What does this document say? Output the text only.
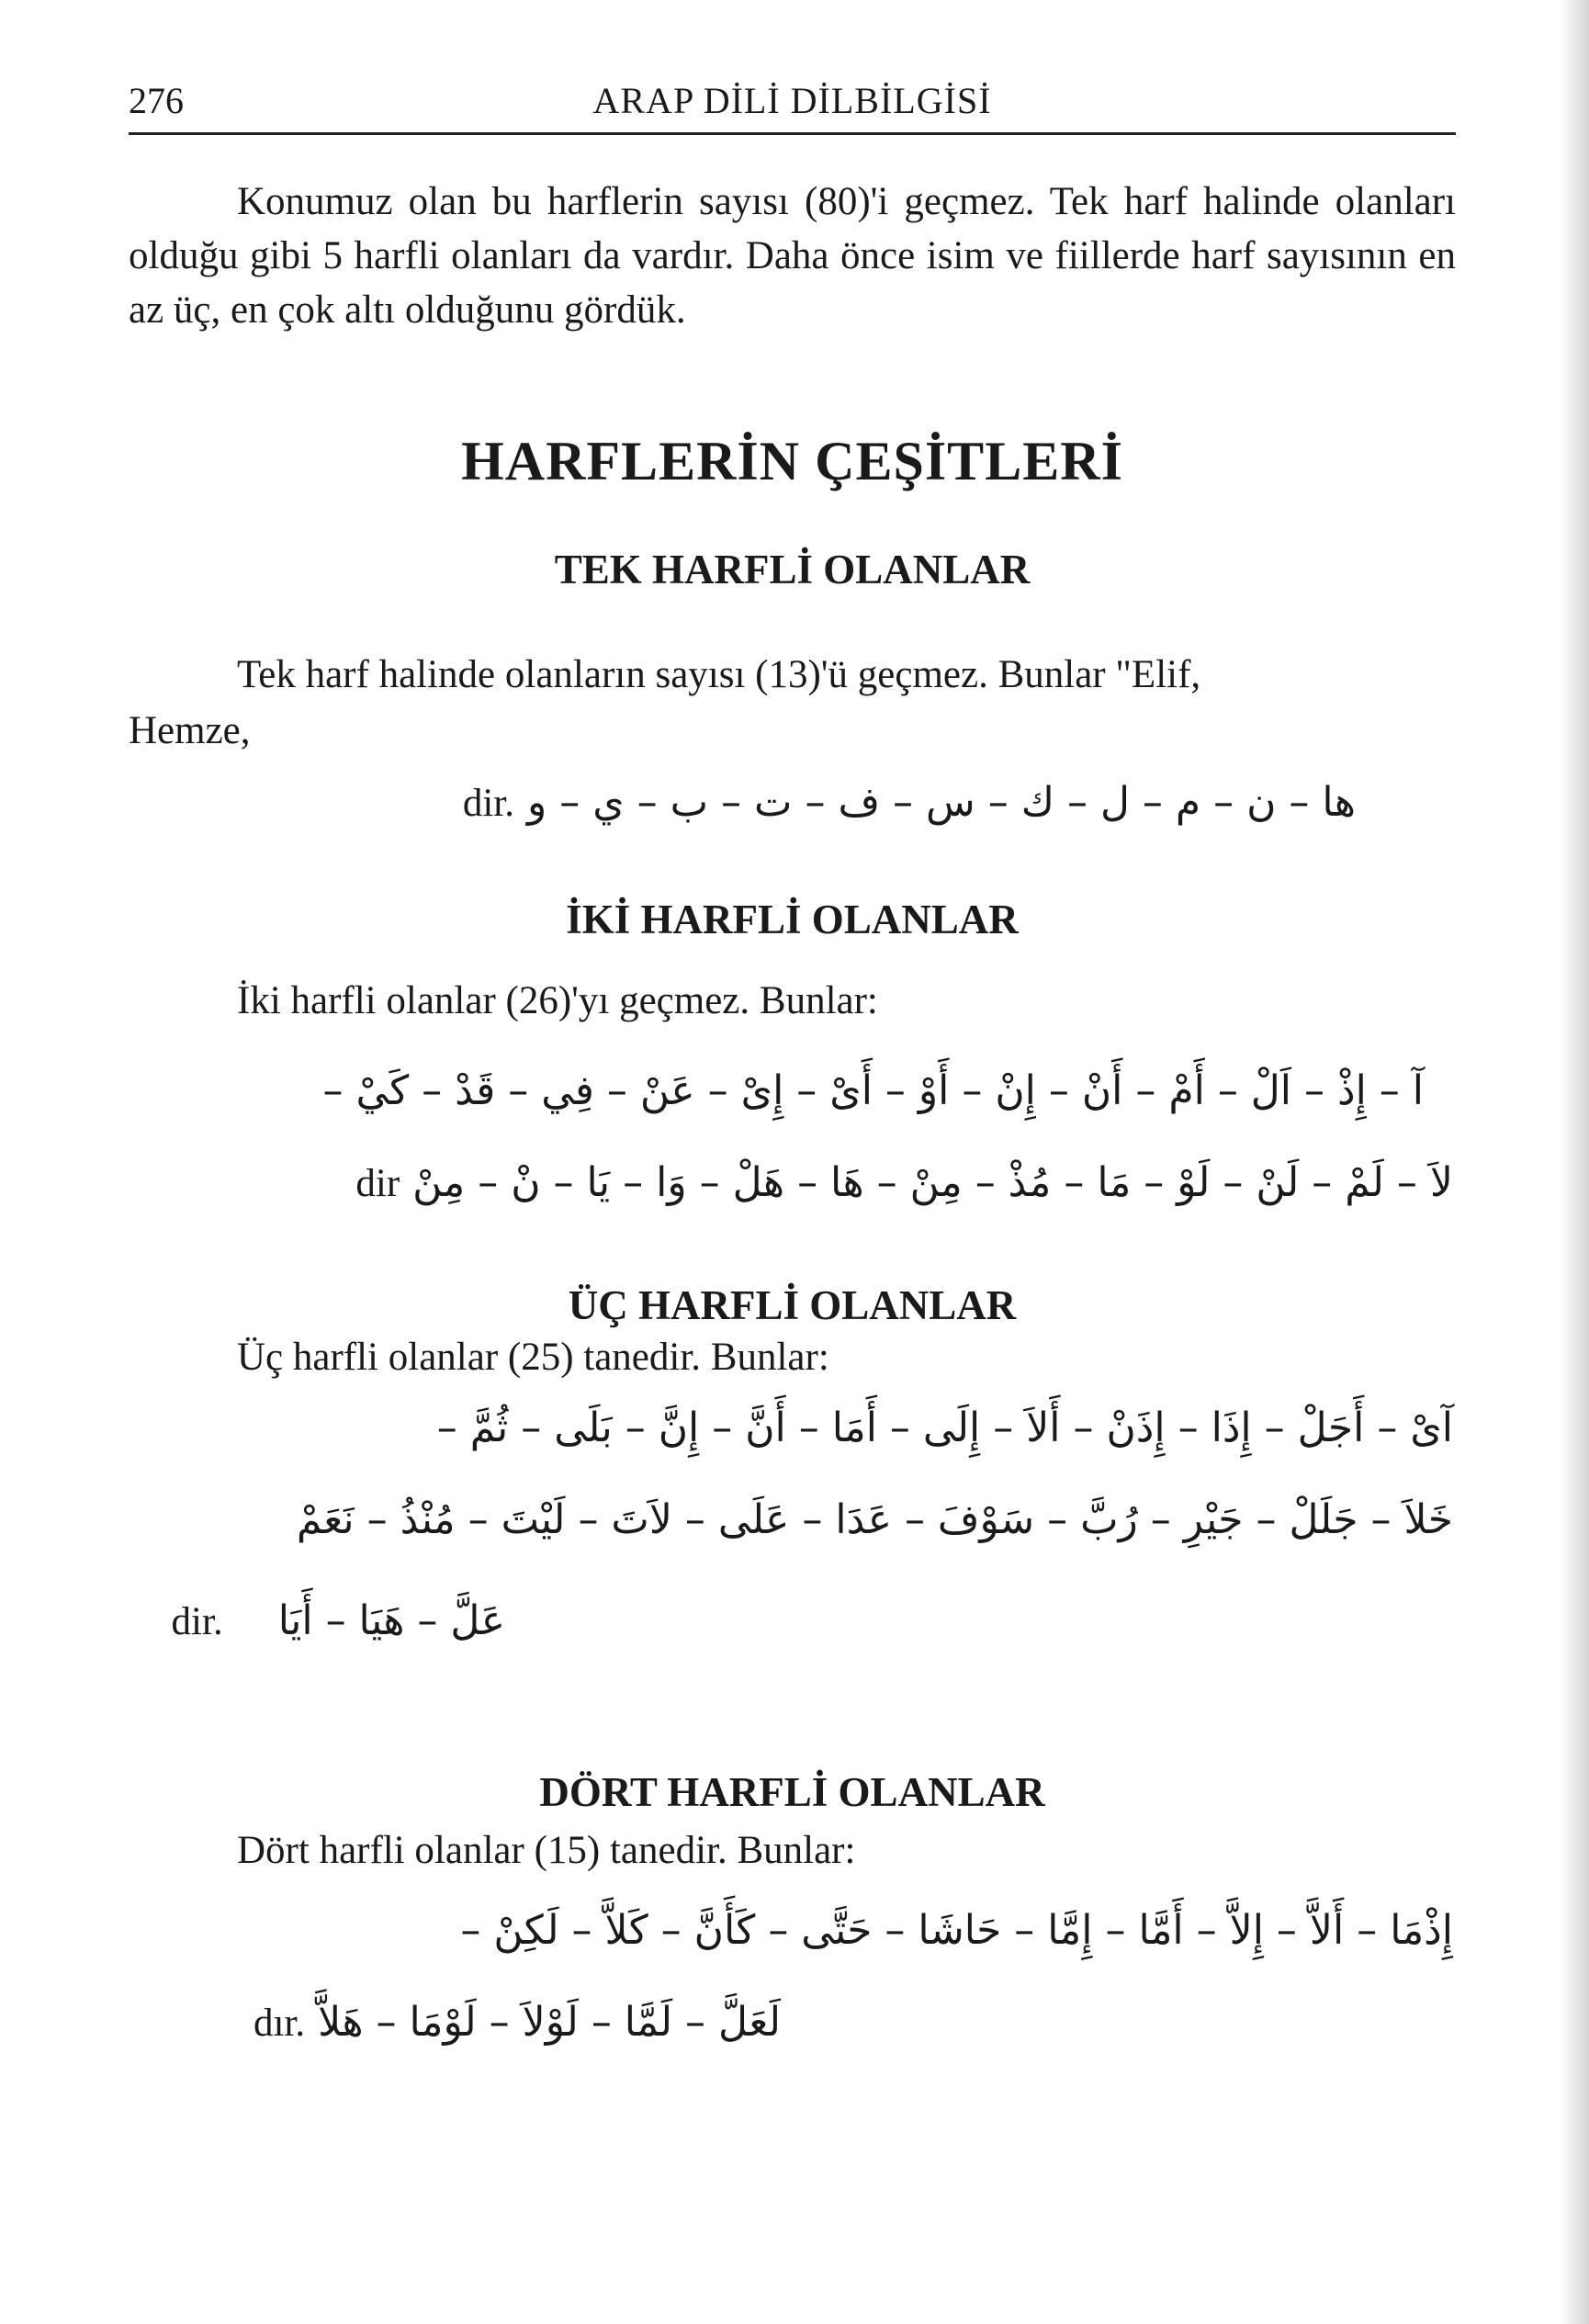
276	ARAP DİLİ DİLBİLGİSİ

Konumuz olan bu harflerin sayısı (80)'i geçmez. Tek harf halinde olanları olduğu gibi 5 harfli olanları da vardır. Daha önce isim ve fiillerde harf sayısının en az üç, en çok altı olduğunu gördük.

HARFLERİN ÇEŞİTLERİ
TEK HARFLİ OLANLAR
Tek harf halinde olanların sayısı (13)'ü geçmez. Bunlar "Elif,
Hemze,
ها – ن – م – ل – ك – س – ف – ت – ب – ي – وdir.
İKİ HARFLİ OLANLAR
İki harfli olanlar (26)'yı geçmez. Bunlar:
آ – إِذْ – اَلْ – أَمْ – أَنْ – إِنْ – أَوْ – أَىْ – إِىْ – عَنْ – فِي – قَدْ – كَيْ –
لاَ – لَمْ – لَنْ – لَوْ – مَا – مُذْ – مِنْ – هَا – هَلْ – وَا – يَا – نْ – مِنْdir
ÜÇ HARFLİ OLANLAR
Üç harfli olanlar (25) tanedir. Bunlar:
آىْ – أَجَلْ – إِذَا – إِذَنْ – أَلاَ – إِلَى – أَمَا – أَنَّ – إِنَّ – بَلَى – ثُمَّ –
خَلاَ – جَلَلْ – جَيْرِ – رُبَّ – سَوْفَ – عَدَا – عَلَى – لاَتَ – لَيْتَ – مُنْذُ – نَعَمْ
عَلَّ – هَيَا – أَيَاdir.
DÖRT HARFLİ OLANLAR
Dört harfli olanlar (15) tanedir. Bunlar:
إِذْمَا – أَلاَّ – إِلاَّ – أَمَّا – إِمَّا – حَاشَا – حَتَّى – كَأَنَّ – كَلاَّ – لَكِنْ –
لَعَلَّ – لَمَّا – لَوْلاَ – لَوْمَا – هَلاَّdır.
